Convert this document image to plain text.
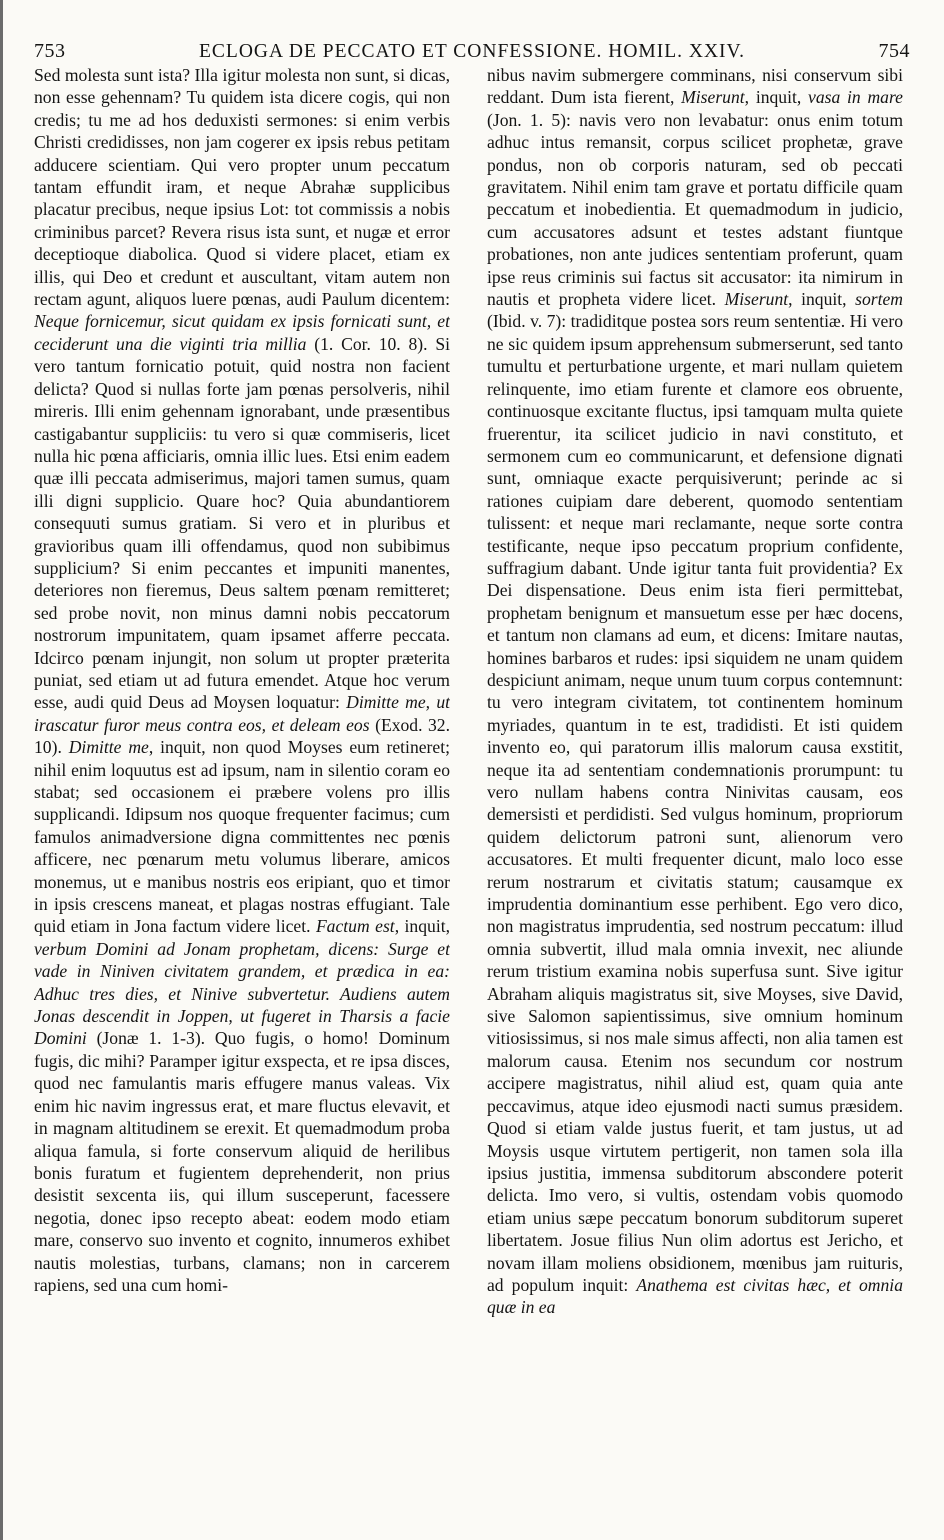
753	ECLOGA DE PECCATO ET CONFESSIONE. HOMIL. XXIV.	754

Sed molesta sunt ista? Illa igitur molesta non sunt, si dicas, non esse gehennam? Tu quidem ista dicere cogis, qui non credis; tu me ad hos deduxisti sermones: si enim verbis Christi credidisses, non jam cogerer ex ipsis rebus petitam adducere scientiam. Qui vero propter unum peccatum tantam effundit iram, et neque Abrahæ supplicibus placatur precibus, neque ipsius Lot: tot commissis a nobis criminibus parcet? Revera risus ista sunt, et nugæ et error deceptioque diabolica. Quod si videre placet, etiam ex illis, qui Deo et credunt et auscultant, vitam autem non rectam agunt, aliquos luere pœnas, audi Paulum dicentem: Neque fornicemur, sicut quidam ex ipsis fornicati sunt, et ceciderunt una die viginti tria millia (1. Cor. 10. 8). Si vero tantum fornicatio potuit, quid nostra non facient delicta? Quod si nullas forte jam pœnas persolveris, nihil mireris. Illi enim gehennam ignorabant, unde præsentibus castigabantur suppliciis: tu vero si quæ commiseris, licet nulla hic pœna afficiaris, omnia illic lues. Etsi enim eadem quæ illi peccata admiserimus, majori tamen sumus, quam illi digni supplicio. Quare hoc? Quia abundantiorem consequuti sumus gratiam. Si vero et in pluribus et gravioribus quam illi offendamus, quod non subibimus supplicium? Si enim peccantes et impuniti manentes, deteriores non fieremus, Deus saltem pœnam remitteret; sed probe novit, non minus damni nobis peccatorum nostrorum impunitatem, quam ipsamet afferre peccata. Idcirco pœnam injungit, non solum ut propter præterita puniat, sed etiam ut ad futura emendet. Atque hoc verum esse, audi quid Deus ad Moysen loquatur: Dimitte me, ut irascatur furor meus contra eos, et deleam eos (Exod. 32. 10). Dimitte me, inquit, non quod Moyses eum retineret; nihil enim loquutus est ad ipsum, nam in silentio coram eo stabat; sed occasionem ei præbere volens pro illis supplicandi. Idipsum nos quoque frequenter facimus; cum famulos animadversione digna committentes nec pœnis afficere, nec pœnarum metu volumus liberare, amicos monemus, ut e manibus nostris eos eripiant, quo et timor in ipsis crescens maneat, et plagas nostras effugiant. Tale quid etiam in Jona factum videre licet. Factum est, inquit, verbum Domini ad Jonam prophetam, dicens: Surge et vade in Niniven civitatem grandem, et prædica in ea: Adhuc tres dies, et Ninive subvertetur. Audiens autem Jonas descendit in Joppen, ut fugeret in Tharsis a facie Domini (Jonæ 1. 1-3). Quo fugis, o homo! Dominum fugis, dic mihi? Paramper igitur exspecta, et re ipsa disces, quod nec famulantis maris effugere manus valeas. Vix enim hic navim ingressus erat, et mare fluctus elevavit, et in magnam altitudinem se erexit. Et quemadmodum proba aliqua famula, si forte conservum aliquid de herilibus bonis furatum et fugientem deprehenderit, non prius desistit sexcenta iis, qui illum susceperunt, facessere negotia, donec ipso recepto abeat: eodem modo etiam mare, conservo suo invento et cognito, innumeros exhibet nautis molestias, turbans, clamans; non in carcerem rapiens, sed una cum homi-

nibus navim submergere comminans, nisi conservum sibi reddant. Dum ista fierent, Miserunt, inquit, vasa in mare (Jon. 1. 5): navis vero non levabatur: onus enim totum adhuc intus remansit, corpus scilicet prophetæ, grave pondus, non ob corporis naturam, sed ob peccati gravitatem. Nihil enim tam grave et portatu difficile quam peccatum et inobedientia. Et quemadmodum in judicio, cum accusatores adsunt et testes adstant fiuntque probationes, non ante judices sententiam proferunt, quam ipse reus criminis sui factus sit accusator: ita nimirum in nautis et propheta videre licet. Miserunt, inquit, sortem (Ibid. v. 7): tradiditque postea sors reum sententiæ. Hi vero ne sic quidem ipsum apprehensum submerserunt, sed tanto tumultu et perturbatione urgente, et mari nullam quietem relinquente, imo etiam furente et clamore eos obruente, continuosque excitante fluctus, ipsi tamquam multa quiete fruerentur, ita scilicet judicio in navi constituto, et sermonem cum eo communicarunt, et defensione dignati sunt, omniaque exacte perquisiverunt; perinde ac si rationes cuipiam dare deberent, quomodo sententiam tulissent: et neque mari reclamante, neque sorte contra testificante, neque ipso peccatum proprium confidente, suffragium dabant. Unde igitur tanta fuit providentia? Ex Dei dispensatione. Deus enim ista fieri permittebat, prophetam benignum et mansuetum esse per hæc docens, et tantum non clamans ad eum, et dicens: Imitare nautas, homines barbaros et rudes: ipsi siquidem ne unam quidem despiciunt animam, neque unum tuum corpus contemnunt: tu vero integram civitatem, tot continentem hominum myriades, quantum in te est, tradidisti. Et isti quidem invento eo, qui paratorum illis malorum causa exstitit, neque ita ad sententiam condemnationis prorumpunt: tu vero nullam habens contra Ninivitas causam, eos demersisti et perdidisti. Sed vulgus hominum, propriorum quidem delictorum patroni sunt, alienorum vero accusatores. Et multi frequenter dicunt, malo loco esse rerum nostrarum et civitatis statum; causamque ex imprudentia dominantium esse perhibent. Ego vero dico, non magistratus imprudentia, sed nostrum peccatum: illud omnia subvertit, illud mala omnia invexit, nec aliunde rerum tristium examina nobis superfusa sunt. Sive igitur Abraham aliquis magistratus sit, sive Moyses, sive David, sive Salomon sapientissimus, sive omnium hominum vitiosissimus, si nos male simus affecti, non alia tamen est malorum causa. Etenim nos secundum cor nostrum accipere magistratus, nihil aliud est, quam quia ante peccavimus, atque ideo ejusmodi nacti sumus præsidem. Quod si etiam valde justus fuerit, et tam justus, ut ad Moysis usque virtutem pertigerit, non tamen sola illa ipsius justitia, immensa subditorum abscondere poterit delicta. Imo vero, si vultis, ostendam vobis quomodo etiam unius sæpe peccatum bonorum subditorum superet libertatem. Josue filius Nun olim adortus est Jericho, et novam illam moliens obsidionem, mœnibus jam ruituris, ad populum inquit: Anathema est civitas hæc, et omnia quæ in ea
